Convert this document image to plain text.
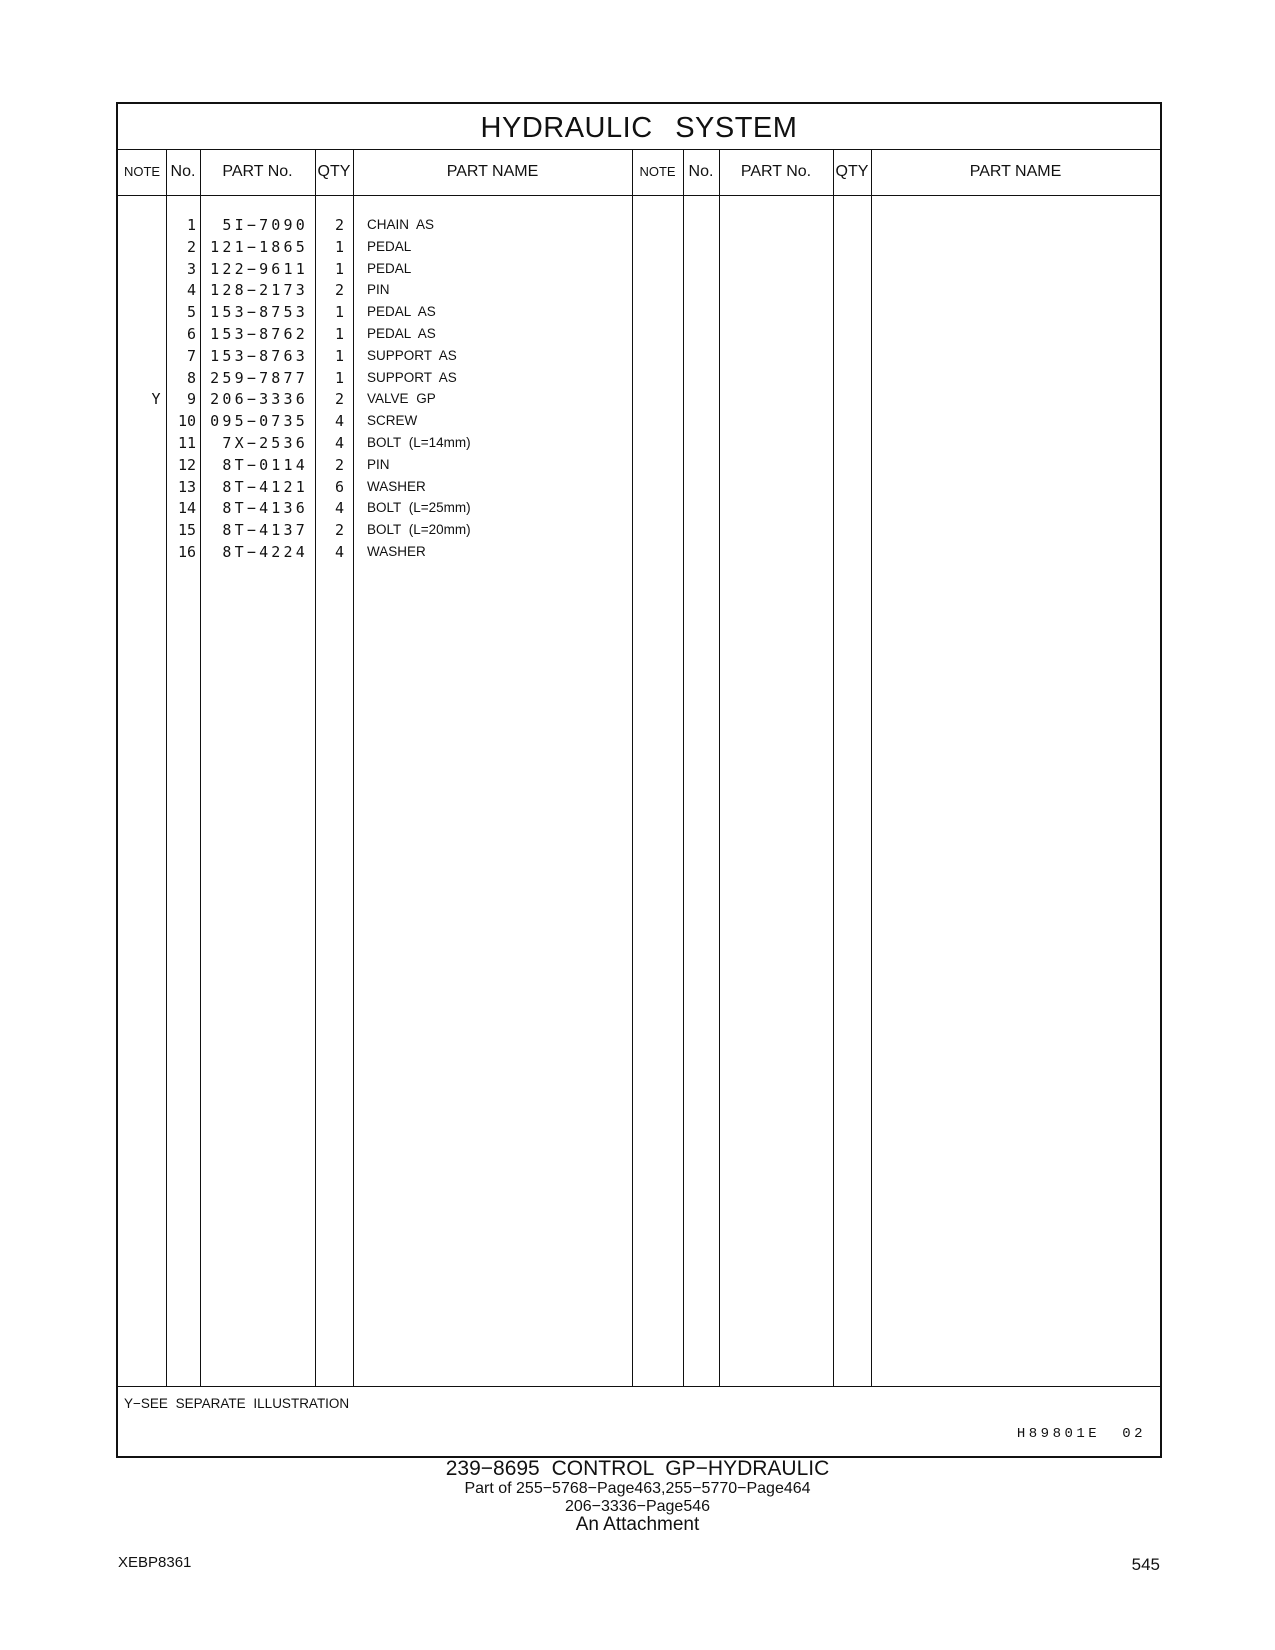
HYDRAULIC SYSTEM
NOTE No.	PART No.	QTY	PART NAME	NOTE No.	PART No.	QTY	PART NAME
1	5I−7090	2 CHAIN AS
2 121−1865	1 PEDAL
3 122−9611	1 PEDAL
4 128−2173	2 PIN
5 153−8753	1 PEDAL AS
6 153−8762	1 PEDAL AS
7 153−8763	1 SUPPORT AS
8 259−7877	1 SUPPORT AS
Y	9 206−3336	2 VALVE GP
10 095−0735	4 SCREW
11	7X−2536	4 BOLT (L=14mm)
12	8T−0114	2 PIN
13	8T−4121	6 WASHER
14	8T−4136	4 BOLT (L=25mm)
15	8T−4137	2 BOLT (L=20mm)
16	8T−4224	4 WASHER
Y−SEE SEPARATE ILLUSTRATION
H89801E 02
239−8695 CONTROL GP−HYDRAULIC
Part of 255−5768−Page463,255−5770−Page464
206−3336−Page546
An Attachment
XEBP8361	545
